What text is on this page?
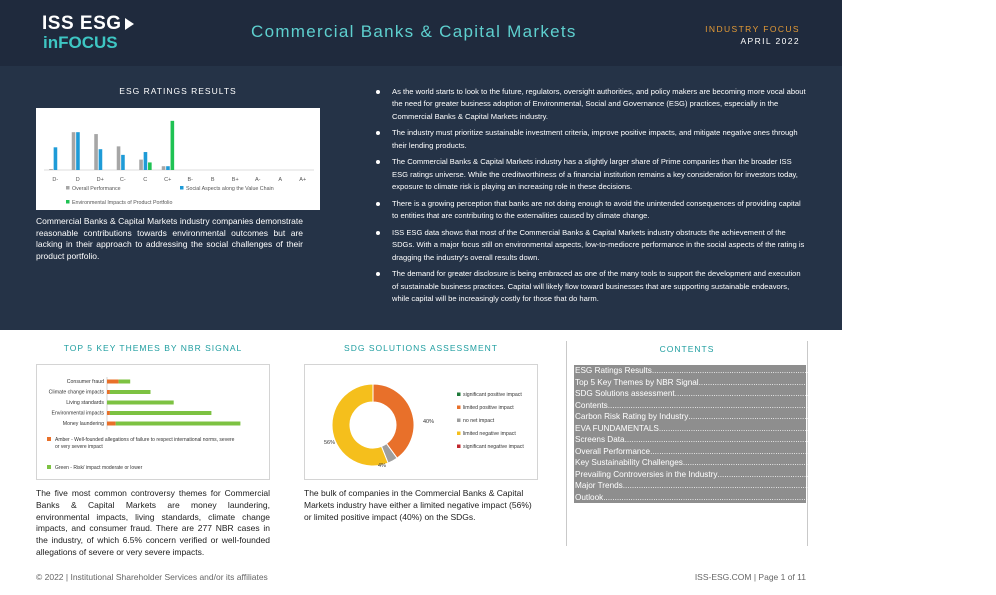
ISS ESG
inFOCUS
Commercial Banks & Capital Markets	INDUSTRY FOCUS
APRIL 2022
ESG RATINGS RESULTS
D-	D	D+	C-	C	C+	B-	B	B+	A-	A	A+
Overall Performance	Social Aspects along the Value Chain
Environmental Impacts of Product Portfolio
Commercial Banks & Capital Markets industry companies demonstrate reasonable contributions towards environmental outcomes but are lacking in their approach to addressing the social challenges of their product portfolio.
As the world starts to look to the future, regulators, oversight authorities, and policy makers are becoming more vocal about the need for greater business adoption of Environmental, Social and Governance (ESG) practices, especially in the Commercial Banks & Capital Markets industry.
The industry must prioritize sustainable investment criteria, improve positive impacts, and mitigate negative ones through their lending products.
The Commercial Banks & Capital Markets industry has a slightly larger share of Prime companies than the broader ISS ESG ratings universe. While the creditworthiness of a financial institution remains a key consideration for investors today, exposure to climate risk is playing an increasing role in these decisions.
There is a growing perception that banks are not doing enough to avoid the unintended consequences of providing capital to entities that are contributing to the externalities caused by climate change.
ISS ESG data shows that most of the Commercial Banks & Capital Markets industry obstructs the achievement of the SDGs. With a major focus still on environmental aspects, low-to-mediocre performance in the social aspects of the rating is dragging the industry's overall results down.
The demand for greater disclosure is being embraced as one of the many tools to support the development and execution of sustainable business practices. Capital will likely flow toward businesses that are supporting sustainable endeavors, while capital will be increasingly costly for those that do harm.
TOP 5 KEY THEMES BY NBR SIGNAL
Consumer fraud
Climate change impacts
Living standards
Environmental impacts
Money laundering
Amber - Well-founded allegations of failure to respect international norms, severe
or very severe impact
Green - Risk/ impact moderate or lower
The five most common controversy themes for Commercial Banks & Capital Markets are money laundering, environmental impacts, living standards, climate change impacts, and consumer fraud. There are 277 NBR cases in the industry, of which 6.5% concern verified or well-founded allegations of severe or very severe impacts.
SDG SOLUTIONS ASSESSMENT
40%
4%
56%
significant positive impact
limited positive impact
no net impact
limited negative impact
significant negative impact
The bulk of companies in the Commercial Banks & Capital Markets industry have either a limited negative impact (56%) or limited positive impact (40%) on the SDGs.
CONTENTS
ESG Ratings Results ........................................................................................................................ 1
Top 5 Key Themes by NBR Signal ........................................................................................................................ 1
SDG Solutions assessment ........................................................................................................................ 1
Contents ........................................................................................................................ 1
Carbon Risk Rating by Industry ........................................................................................................................ 2
EVA FUNDAMENTALS ........................................................................................................................ 2
Screens Data ........................................................................................................................ 2
Overall Performance ........................................................................................................................ 4
Key Sustainability Challenges ........................................................................................................................ 5
Prevailing Controversies in the Industry ........................................................................................................................ 7
Major Trends ........................................................................................................................ 9
Outlook ........................................................................................................................ 10
© 2022 | Institutional Shareholder Services and/or its affiliates	ISS-ESG.COM | Page 1 of 11
